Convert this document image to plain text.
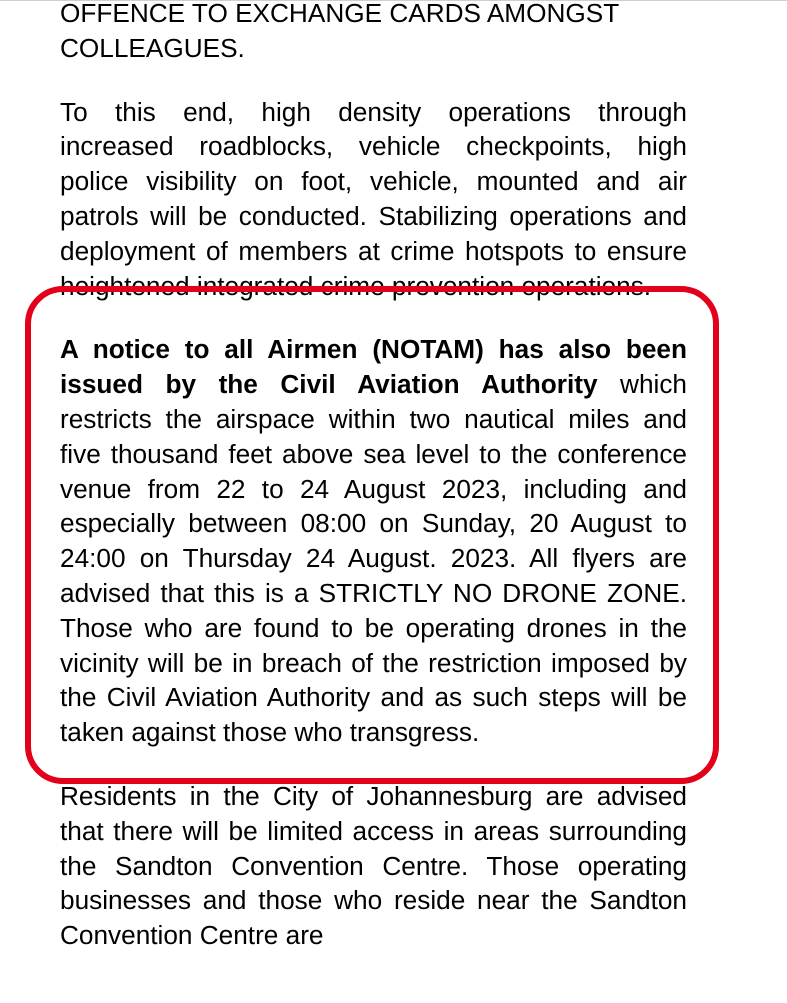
OFFENCE TO EXCHANGE CARDS AMONGST COLLEAGUES.

To this end, high density operations through increased roadblocks, vehicle checkpoints, high police visibility on foot, vehicle, mounted and air patrols will be conducted. Stabilizing operations and deployment of members at crime hotspots to ensure heightened integrated crime prevention operations.

A notice to all Airmen (NOTAM) has also been issued by the Civil Aviation Authority which restricts the airspace within two nautical miles and five thousand feet above sea level to the conference venue from 22 to 24 August 2023, including and especially between 08:00 on Sunday, 20 August to 24:00 on Thursday 24 August. 2023. All flyers are advised that this is a STRICTLY NO DRONE ZONE. Those who are found to be operating drones in the vicinity will be in breach of the restriction imposed by the Civil Aviation Authority and as such steps will be taken against those who transgress.

Residents in the City of Johannesburg are advised that there will be limited access in areas surrounding the Sandton Convention Centre. Those operating businesses and those who reside near the Sandton Convention Centre are
